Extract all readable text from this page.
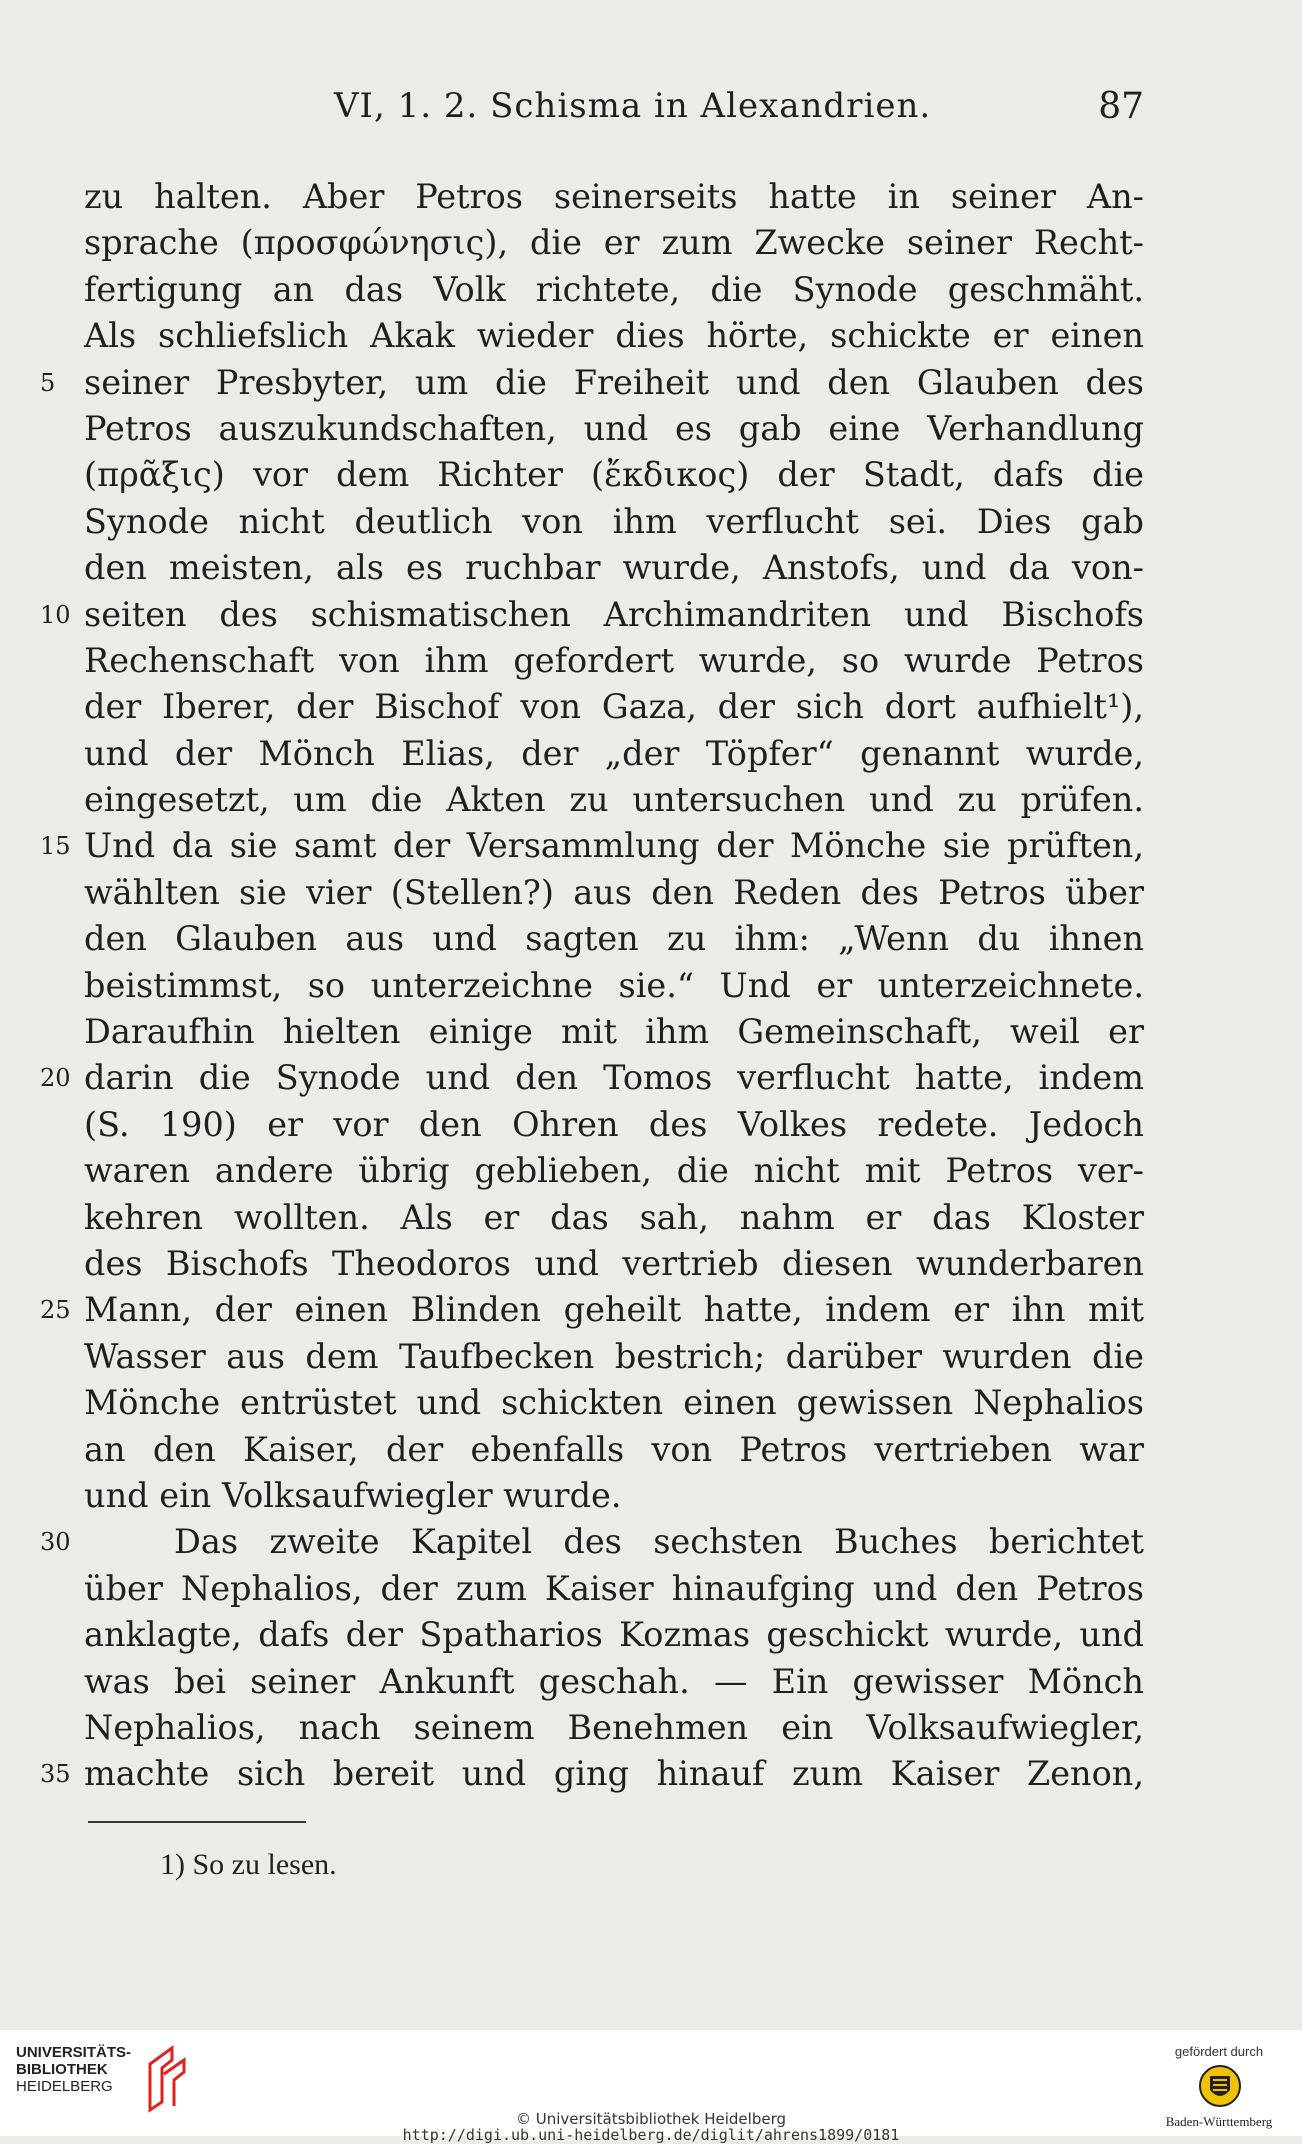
VI, 1. 2. Schisma in Alexandrien.	87
zu halten. Aber Petros seinerseits hatte in seiner An-
sprache (προσφώνησις), die er zum Zwecke seiner Recht-
fertigung an das Volk richtete, die Synode geschmäht.
Als schliefslich Akak wieder dies hörte, schickte er einen
5 seiner Presbyter, um die Freiheit und den Glauben des
Petros auszukundschaften, und es gab eine Verhandlung
(πρᾶξις) vor dem Richter (ἔκδικος) der Stadt, dafs die
Synode nicht deutlich von ihm verflucht sei. Dies gab
den meisten, als es ruchbar wurde, Anstofs, und da von-
10 seiten des schismatischen Archimandriten und Bischofs
Rechenschaft von ihm gefordert wurde, so wurde Petros
der Iberer, der Bischof von Gaza, der sich dort aufhielt¹),
und der Mönch Elias, der „der Töpfer“ genannt wurde,
eingesetzt, um die Akten zu untersuchen und zu prüfen.
15 Und da sie samt der Versammlung der Mönche sie prüften,
wählten sie vier (Stellen?) aus den Reden des Petros über
den Glauben aus und sagten zu ihm: „Wenn du ihnen
beistimmst, so unterzeichne sie.“ Und er unterzeichnete.
Daraufhin hielten einige mit ihm Gemeinschaft, weil er
20 darin die Synode und den Tomos verflucht hatte, indem
(S. 190) er vor den Ohren des Volkes redete. Jedoch
waren andere übrig geblieben, die nicht mit Petros ver-
kehren wollten. Als er das sah, nahm er das Kloster
des Bischofs Theodoros und vertrieb diesen wunderbaren
25 Mann, der einen Blinden geheilt hatte, indem er ihn mit
Wasser aus dem Taufbecken bestrich; darüber wurden die
Mönche entrüstet und schickten einen gewissen Nephalios
an den Kaiser, der ebenfalls von Petros vertrieben war
und ein Volksaufwiegler wurde.
30	Das zweite Kapitel des sechsten Buches berichtet
über Nephalios, der zum Kaiser hinaufging und den Petros
anklagte, dafs der Spatharios Kozmas geschickt wurde, und
was bei seiner Ankunft geschah. — Ein gewisser Mönch
Nephalios, nach seinem Benehmen ein Volksaufwiegler,
35 machte sich bereit und ging hinauf zum Kaiser Zenon,
1) So zu lesen.
UNIVERSITÄTS-
BIBLIOTHEK
HEIDELBERG
© Universitätsbibliothek Heidelberg
http://digi.ub.uni-heidelberg.de/diglit/ahrens1899/0181
gefördert durch
Baden-Württemberg
